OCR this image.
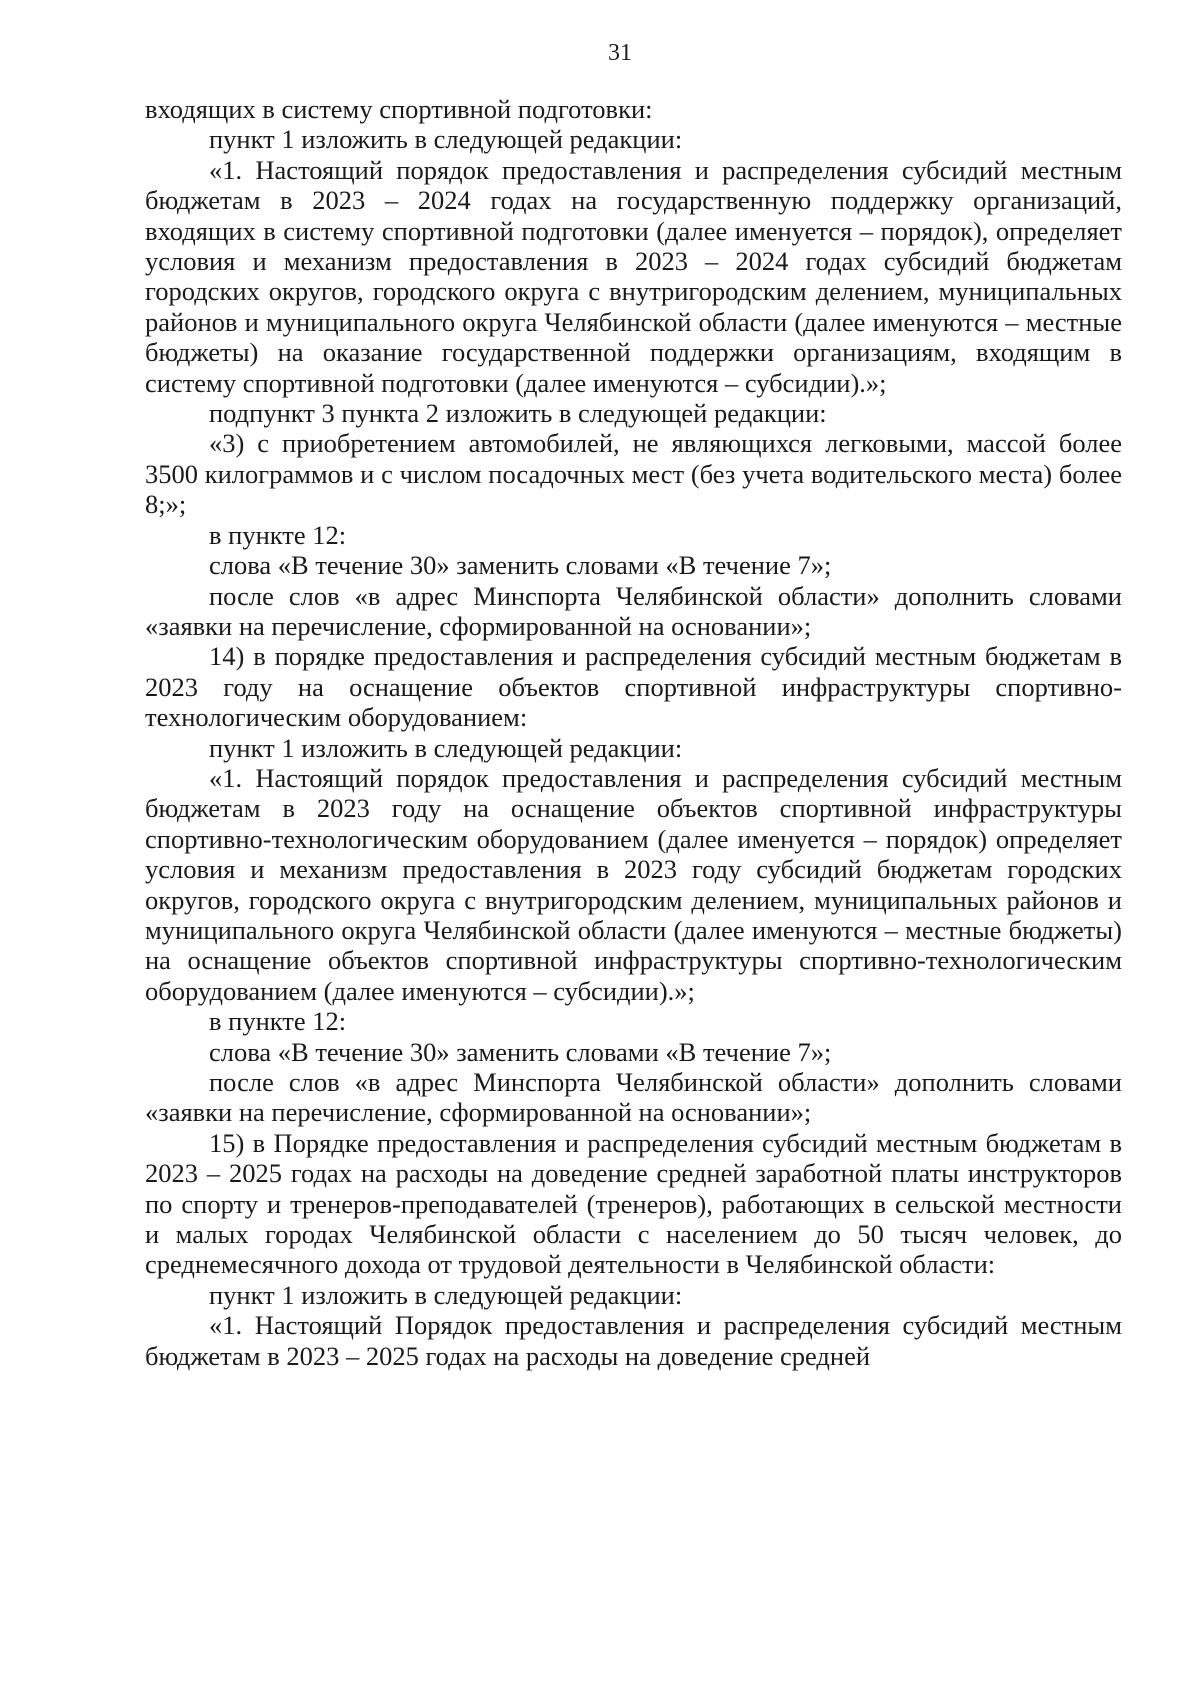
31

входящих в систему спортивной подготовки:

пункт 1 изложить в следующей редакции:

«1. Настоящий порядок предоставления и распределения субсидий местным бюджетам в 2023 – 2024 годах на государственную поддержку организаций, входящих в систему спортивной подготовки (далее именуется – порядок), определяет условия и механизм предоставления в 2023 – 2024 годах субсидий бюджетам городских округов, городского округа с внутригородским делением, муниципальных районов и муниципального округа Челябинской области (далее именуются – местные бюджеты) на оказание государственной поддержки организациям, входящим в систему спортивной подготовки (далее именуются – субсидии).»;

подпункт 3 пункта 2 изложить в следующей редакции:

«3) с приобретением автомобилей, не являющихся легковыми, массой более 3500 килограммов и с числом посадочных мест (без учета водительского места) более 8;»;

в пункте 12:

слова «В течение 30» заменить словами «В течение 7»;

после слов «в адрес Минспорта Челябинской области» дополнить словами «заявки на перечисление, сформированной на основании»;

14) в порядке предоставления и распределения субсидий местным бюджетам в 2023 году на оснащение объектов спортивной инфраструктуры спортивно-технологическим оборудованием:

пункт 1 изложить в следующей редакции:

«1. Настоящий порядок предоставления и распределения субсидий местным бюджетам в 2023 году на оснащение объектов спортивной инфраструктуры спортивно-технологическим оборудованием (далее именуется – порядок) определяет условия и механизм предоставления в 2023 году субсидий бюджетам городских округов, городского округа с внутригородским делением, муниципальных районов и муниципального округа Челябинской области (далее именуются – местные бюджеты) на оснащение объектов спортивной инфраструктуры спортивно-технологическим оборудованием (далее именуются – субсидии).»;

в пункте 12:

слова «В течение 30» заменить словами «В течение 7»;

после слов «в адрес Минспорта Челябинской области» дополнить словами «заявки на перечисление, сформированной на основании»;

15) в Порядке предоставления и распределения субсидий местным бюджетам в 2023 – 2025 годах на расходы на доведение средней заработной платы инструкторов по спорту и тренеров-преподавателей (тренеров), работающих в сельской местности и малых городах Челябинской области с населением до 50 тысяч человек, до среднемесячного дохода от трудовой деятельности в Челябинской области:

пункт 1 изложить в следующей редакции:

«1. Настоящий Порядок предоставления и распределения субсидий местным бюджетам в 2023 – 2025 годах на расходы на доведение средней
